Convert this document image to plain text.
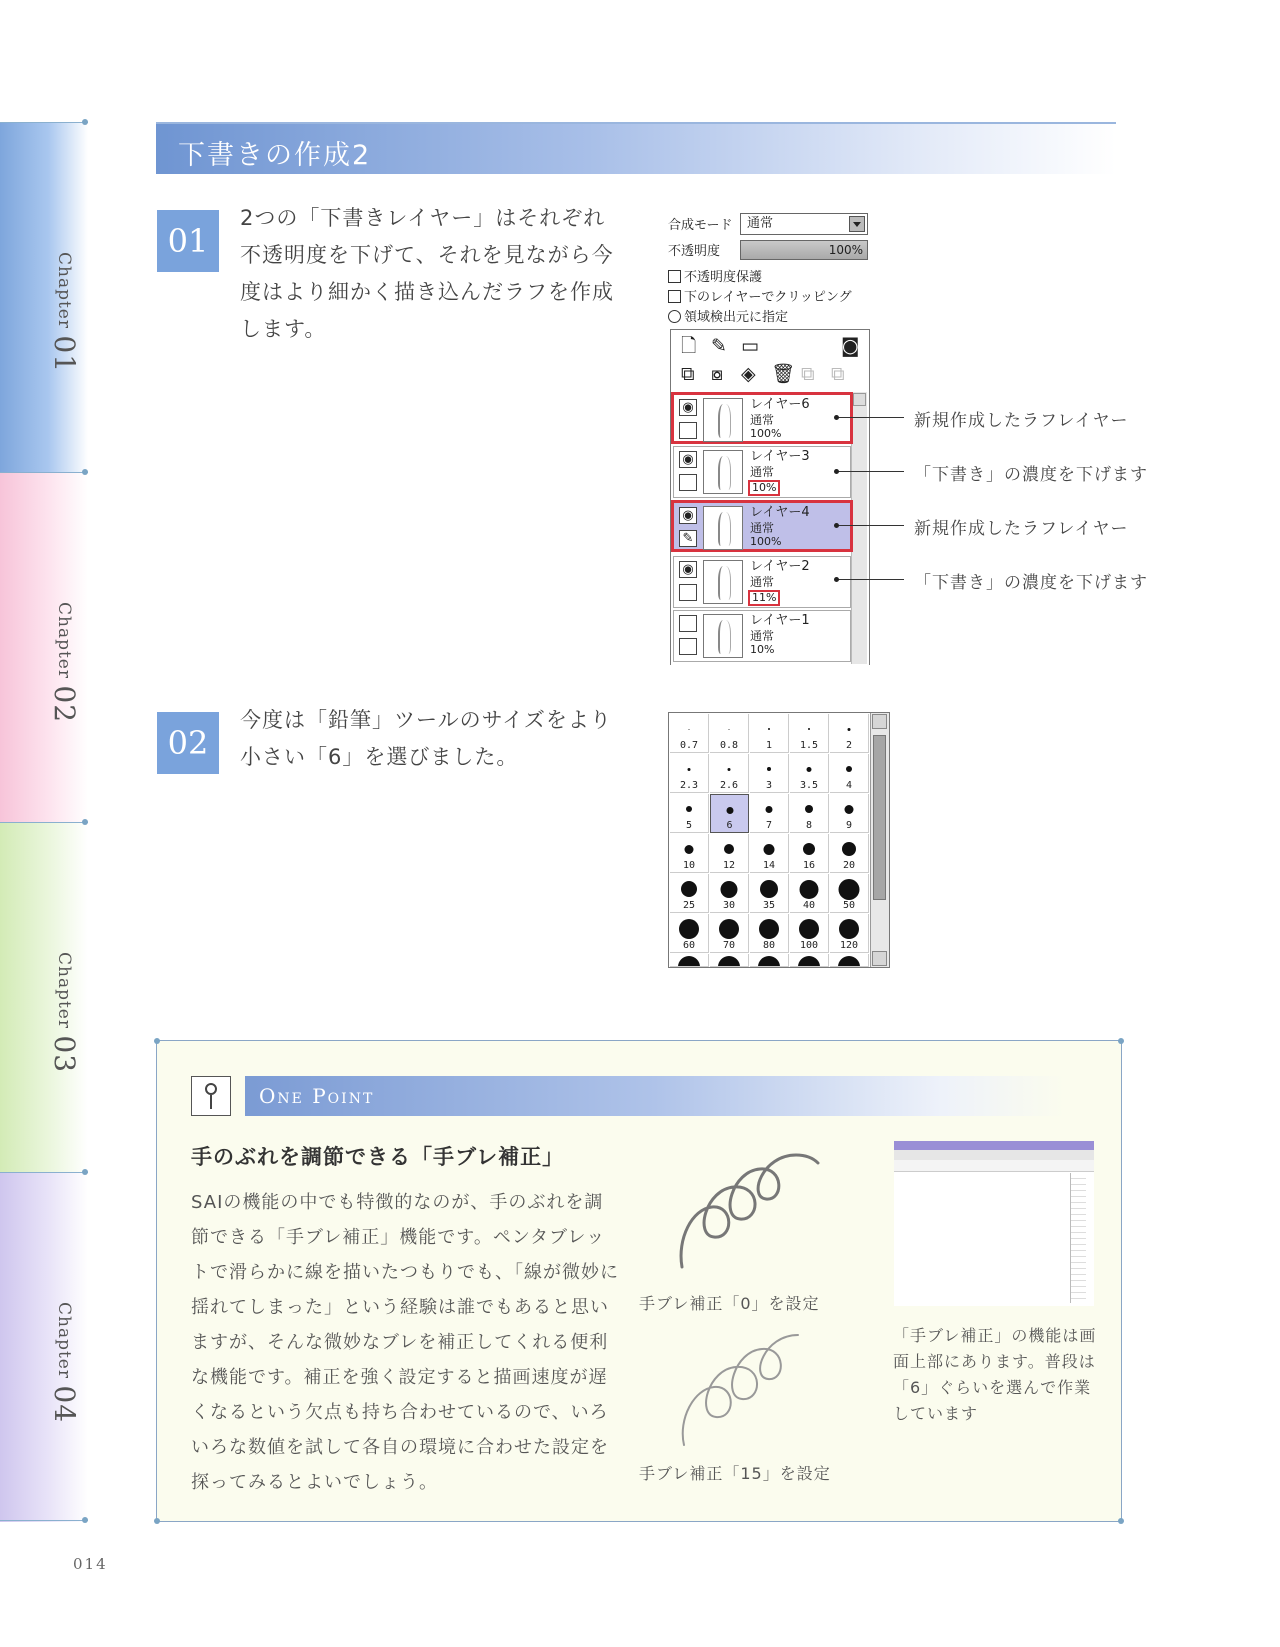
Chapter 01
Chapter 02
Chapter 03
Chapter 04
下書きの作成2
01
2つの「下書きレイヤー」はそれぞれ不透明度を下げて、それを見ながら今度はより細かく描き込んだラフを作成します。
02
今度は「鉛筆」ツールのサイズをより小さい「6」を選びました。
合成モード	通常
不透明度	100%
不透明度保護
下のレイヤーでクリッピング
領域検出元に指定
🗋 ✎ ▭	◙
⧉ ⧇ ◈ 🗑 ⧉ ⧉
◉	レイヤー6
通常
100%
◉	レイヤー3
通常
10%
◉
✎
レイヤー4
通常
100%
◉	レイヤー2
通常
11%
レイヤー1
通常
10%
新規作成したラフレイヤー
「下書き」の濃度を下げます
新規作成したラフレイヤー
「下書き」の濃度を下げます
0.7	0.8	1	1.5	2
2.3	2.6	3	3.5	4
5	6	7	8	9
10	12	14	16	20
25	30	35	40	50
60	70	80	100	120
One Point
手のぶれを調節できる「手ブレ補正」
SAIの機能の中でも特徴的なのが、手のぶれを調節できる「手ブレ補正」機能です。ペンタブレットで滑らかに線を描いたつもりでも、「線が微妙に揺れてしまった」という経験は誰でもあると思いますが、そんな微妙なブレを補正してくれる便利な機能です。補正を強く設定すると描画速度が遅くなるという欠点も持ち合わせているので、いろいろな数値を試して各自の環境に合わせた設定を探ってみるとよいでしょう。
手ブレ補正「0」を設定
手ブレ補正「15」を設定
「手ブレ補正」の機能は画面上部にあります。普段は「6」ぐらいを選んで作業しています
014
